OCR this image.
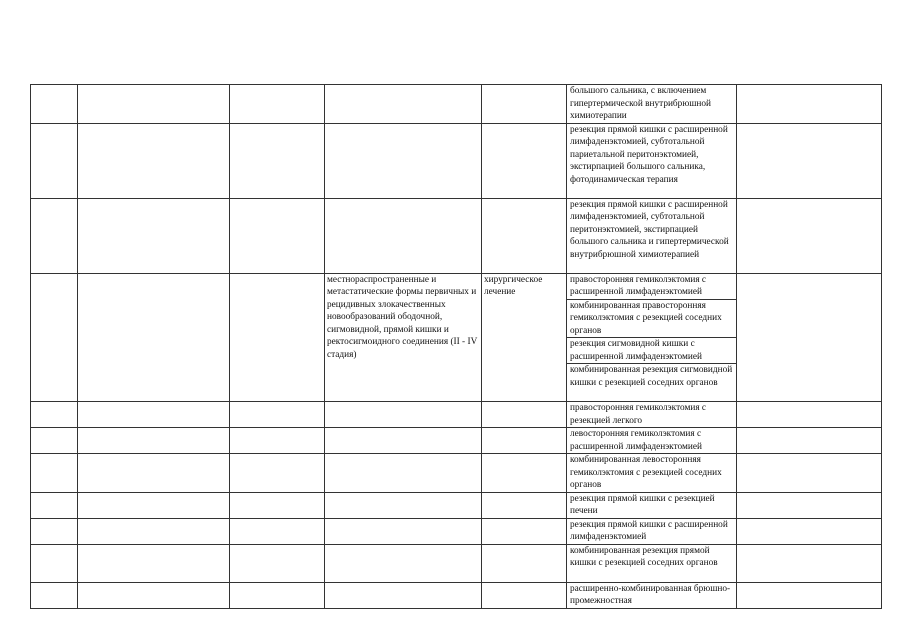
					большого сальника, с включением гипертермической внутрибрюшной химиотерапии	

					резекция прямой кишки с расширенной лимфаденэктомией, субтотальной париетальной перитонэктомией, экстирпацией большого сальника, фотодинамическая терапия	

					резекция прямой кишки с расширенной лимфаденэктомией, субтотальной перитонэктомией, экстирпацией большого сальника и гипертермической внутрибрюшной химиотерапией	

			местнораспространенные и метастатические формы первичных и рецидивных злокачественных новообразований ободочной, сигмовидной, прямой кишки и ректосигмоидного соединения (II - IV стадия)	хирургическое лечение	правосторонняя гемиколэктомия с расширенной лимфаденэктомией	

					комбинированная правосторонняя гемиколэктомия с резекцией соседних органов	

					резекция сигмовидной кишки с расширенной лимфаденэктомией	

					комбинированная резекция сигмовидной кишки с резекцией соседних органов	

					правосторонняя гемиколэктомия с резекцией легкого	

					левосторонняя гемиколэктомия с расширенной лимфаденэктомией	

					комбинированная левосторонняя гемиколэктомия с резекцией соседних органов	

					резекция прямой кишки с резекцией печени	

					резекция прямой кишки с расширенной лимфаденэктомией	

					комбинированная резекция прямой кишки с резекцией соседних органов	

					расширенно-комбинированная брюшно-промежностная	
